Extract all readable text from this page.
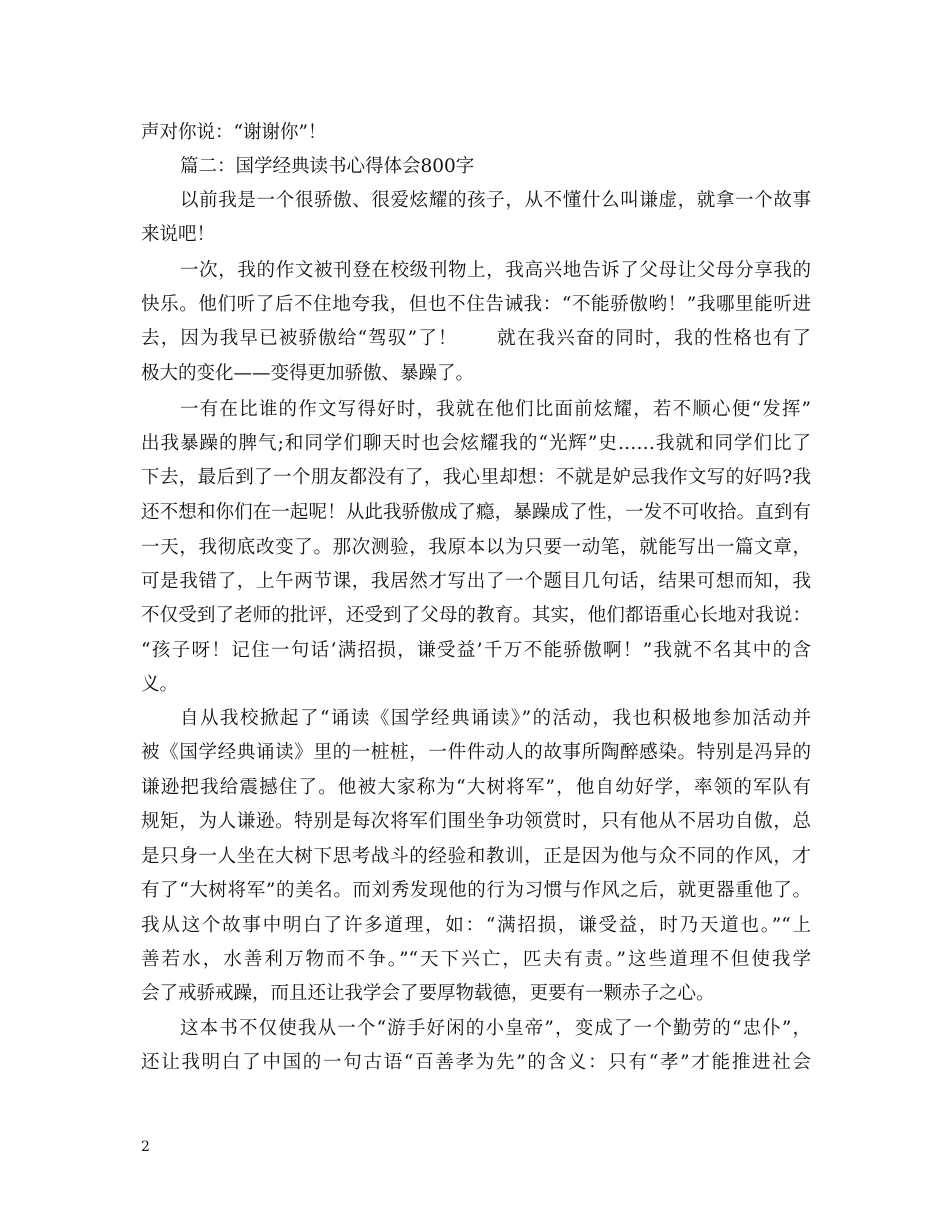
声对你说：“谢谢你”！
篇二：国学经典读书心得体会800字
以前我是一个很骄傲、很爱炫耀的孩子，从不懂什么叫谦虚，就拿一个故事
来说吧！
一次，我的作文被刊登在校级刊物上，我高兴地告诉了父母让父母分享我的
快乐。他们听了后不住地夸我，但也不住告诫我：“不能骄傲哟！”我哪里能听进
去，因为我早已被骄傲给“驾驭”了！　　就在我兴奋的同时，我的性格也有了
极大的变化——变得更加骄傲、暴躁了。
一有在比谁的作文写得好时，我就在他们比面前炫耀，若不顺心便“发挥”
出我暴躁的脾气;和同学们聊天时也会炫耀我的“光辉”史……我就和同学们比了
下去，最后到了一个朋友都没有了，我心里却想：不就是妒忌我作文写的好吗?我
还不想和你们在一起呢！从此我骄傲成了瘾，暴躁成了性，一发不可收拾。直到有
一天，我彻底改变了。那次测验，我原本以为只要一动笔，就能写出一篇文章，
可是我错了，上午两节课，我居然才写出了一个题目几句话，结果可想而知，我
不仅受到了老师的批评，还受到了父母的教育。其实，他们都语重心长地对我说：
“孩子呀！记住一句话‘满招损，谦受益’千万不能骄傲啊！”我就不名其中的含
义。
自从我校掀起了“诵读《国学经典诵读》”的活动，我也积极地参加活动并
被《国学经典诵读》里的一桩桩，一件件动人的故事所陶醉感染。特别是冯异的
谦逊把我给震撼住了。他被大家称为“大树将军”，他自幼好学，率领的军队有
规矩，为人谦逊。特别是每次将军们围坐争功领赏时，只有他从不居功自傲，总
是只身一人坐在大树下思考战斗的经验和教训，正是因为他与众不同的作风，才
有了“大树将军”的美名。而刘秀发现他的行为习惯与作风之后，就更器重他了。
我从这个故事中明白了许多道理，如：“满招损，谦受益，时乃天道也。”“上
善若水，水善利万物而不争。”“天下兴亡，匹夫有责。”这些道理不但使我学
会了戒骄戒躁，而且还让我学会了要厚物载德，更要有一颗赤子之心。
这本书不仅使我从一个“游手好闲的小皇帝”，变成了一个勤劳的“忠仆”，
还让我明白了中国的一句古语“百善孝为先”的含义：只有“孝”才能推进社会
2
